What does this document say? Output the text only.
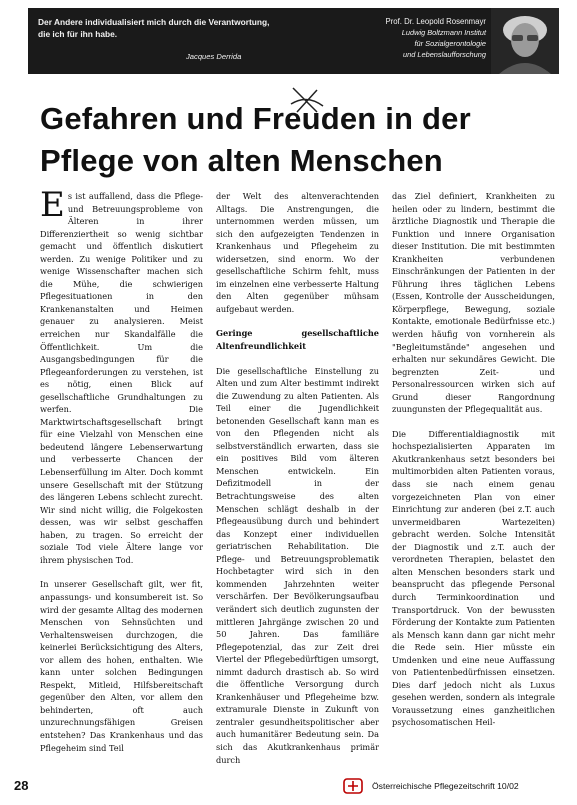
Der Andere individualisiert mich durch die Verantwortung, die ich für ihn habe.
Jacques Derrida
Prof. Dr. Leopold Rosenmayr
Ludwig Boltzmann Institut
für Sozialgerontologie
und Lebenslaufforschung
Gefahren und Freuden in der
Pflege von alten Menschen

Es ist auffallend, dass die Pflege- und Betreuungsprobleme von Älteren in ihrer Differenziertheit so wenig sichtbar gemacht und öffentlich diskutiert werden. Zu wenige Politiker und zu wenige Wissenschafter machen sich die Mühe, die schwierigen Pflegesituationen in den Krankenanstalten und Heimen genauer zu analysieren. Meist erreichen nur Skandalfälle die Öffentlichkeit. Um die Ausgangsbedingungen für die Pflegeanforderungen zu verstehen, ist es nötig, einen Blick auf gesellschaftliche Grundhaltungen zu werfen. Die Marktwirtschaftsgesellschaft bringt für eine Vielzahl von Menschen eine bedeutend längere Lebenserwartung und verbesserte Chancen der Lebenserfüllung im Alter. Doch kommt unsere Gesellschaft mit der Stützung des längeren Lebens schlecht zurecht. Wir sind nicht willig, die Folgekosten dessen, was wir selbst geschaffen haben, zu tragen. So erreicht der soziale Tod viele Ältere lange vor ihrem physischen Tod.

In unserer Gesellschaft gilt, wer fit, anpassungs- und konsumbereit ist. So wird der gesamte Alltag des modernen Menschen von Sehnsüchten und Verhaltensweisen durchzogen, die keinerlei Berücksichtigung des Alters, vor allem des hohen, enthalten. Wie kann unter solchen Bedingungen Respekt, Mitleid, Hilfsbereitschaft gegenüber den Alten, vor allem den behinderten, oft auch unzurechnungsfähigen Greisen entstehen? Das Krankenhaus und das Pflegeheim sind Teil

der Welt des altenverachtenden Alltags. Die Anstrengungen, die unternommen werden müssen, um sich den aufgezeigten Tendenzen in Krankenhaus und Pflegeheim zu widersetzen, sind enorm. Wo der gesellschaftliche Schirm fehlt, muss im einzelnen eine verbesserte Haltung den Alten gegenüber mühsam aufgebaut werden.

Geringe gesellschaftliche Altenfreundlichkeit

Die gesellschaftliche Einstellung zu Alten und zum Alter bestimmt indirekt die Zuwendung zu alten Patienten. Als Teil einer die Jugendlichkeit betonenden Gesellschaft kann man es von den Pflegenden nicht als selbstverständlich erwarten, dass sie ein positives Bild vom älteren Menschen entwickeln. Ein Defizitmodell in der Betrachtungsweise des alten Menschen schlägt deshalb in der Pflegeausübung durch und behindert das Konzept einer individuellen geriatrischen Rehabilitation. Die Pflege- und Betreuungsproblematik Hochbetagter wird sich in den kommenden Jahrzehnten weiter verschärfen. Der Bevölkerungsaufbau verändert sich deutlich zugunsten der mittleren Jahrgänge zwischen 20 und 50 Jahren. Das familiäre Pflegepotenzial, das zur Zeit drei Viertel der Pflegebedürftigen umsorgt, nimmt dadurch drastisch ab. So wird die öffentliche Versorgung durch Krankenhäuser und Pflegeheime bzw. extramurale Dienste in Zukunft von zentraler gesundheitspolitischer aber auch humanitärer Bedeutung sein. Da sich das Akutkrankenhaus primär durch

das Ziel definiert, Krankheiten zu heilen oder zu lindern, bestimmt die ärztliche Diagnostik und Therapie die Funktion und innere Organisation dieser Institution. Die mit bestimmten Krankheiten verbundenen Einschränkungen der Patienten in der Führung ihres täglichen Lebens (Essen, Kontrolle der Ausscheidungen, Körperpflege, Bewegung, soziale Kontakte, emotionale Bedürfnisse etc.) werden häufig von vornherein als "Begleitumstände" angesehen und erhalten nur sekundäres Gewicht. Die begrenzten Zeit- und Personalressourcen wirken sich auf Grund dieser Rangordnung zuungunsten der Pflegequalität aus.

Die Differentialdiagnostik mit hochspezialisierten Apparaten im Akutkrankenhaus setzt besonders bei multimorbiden alten Patienten voraus, dass sie nach einem genau vorgezeichneten Plan von einer Einrichtung zur anderen (bei z.T. auch unvermeidbaren Wartezeiten) gebracht werden. Solche Intensität der Diagnostik und z.T. auch der verordneten Therapien, belastet den alten Menschen besonders stark und beansprucht das pflegende Personal durch Terminkoordination und Transportdruck. Von der bewussten Förderung der Kontakte zum Patienten als Mensch kann dann gar nicht mehr die Rede sein. Hier müsste ein Umdenken und eine neue Auffassung von Patientenbedürfnissen einsetzen. Dies darf jedoch nicht als Luxus gesehen werden, sondern als integrale Voraussetzung eines ganzheitlichen psychosomatischen Heil-

28	Österreichische Pflegezeitschrift 10/02
